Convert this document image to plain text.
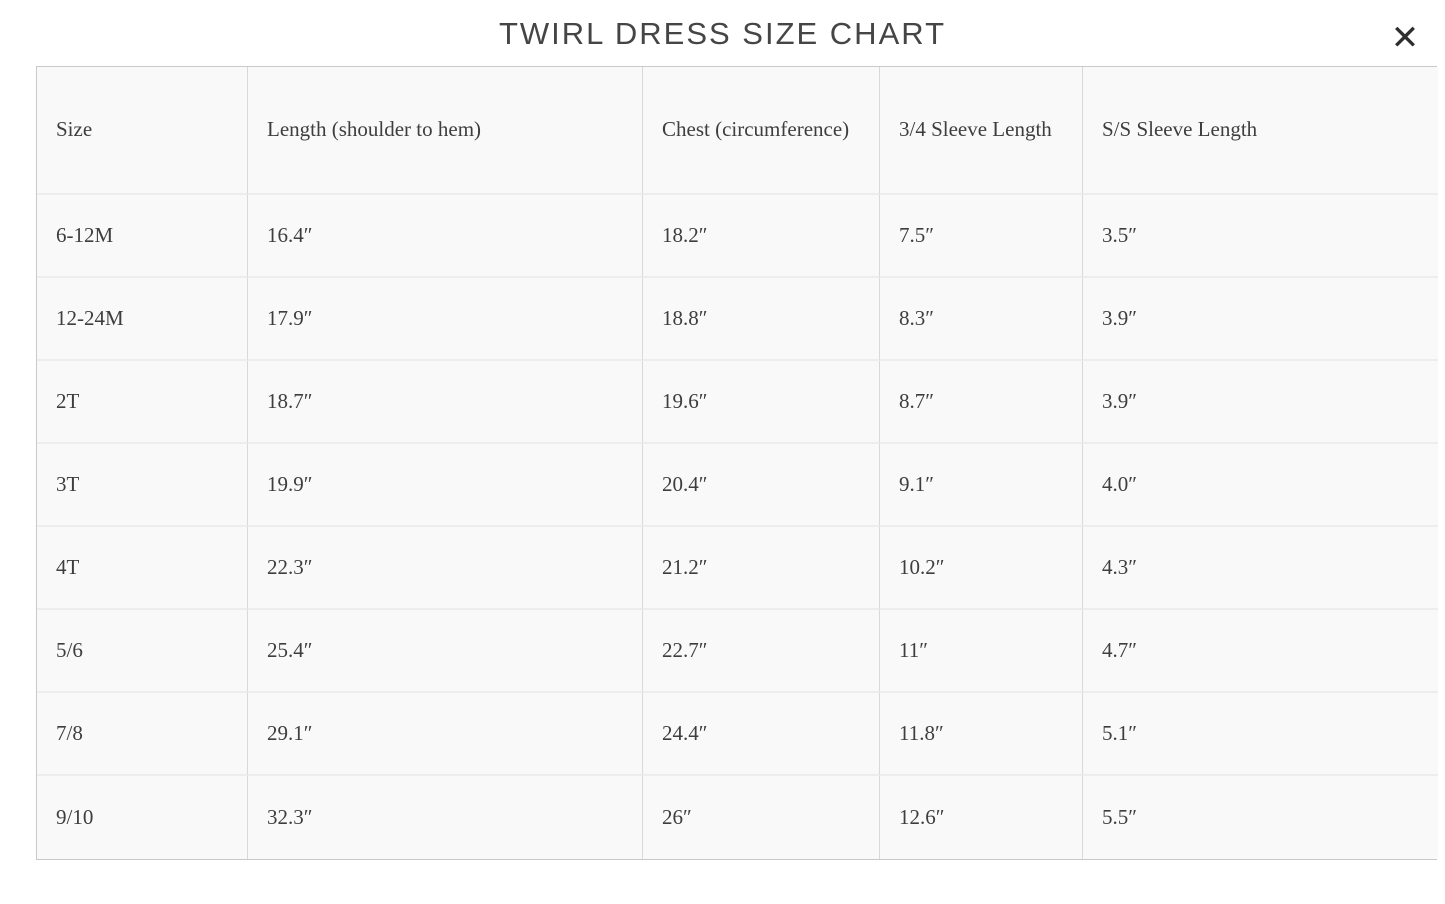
TWIRL DRESS SIZE CHART	✕
Size	Length (shoulder to hem)	Chest (circumference)	3/4 Sleeve Length	S/S Sleeve Length
6-12M	16.4″	18.2″	7.5″	3.5″
12-24M	17.9″	18.8″	8.3″	3.9″
2T	18.7″	19.6″	8.7″	3.9″
3T	19.9″	20.4″	9.1″	4.0″
4T	22.3″	21.2″	10.2″	4.3″
5/6	25.4″	22.7″	11″	4.7″
7/8	29.1″	24.4″	11.8″	5.1″
9/10	32.3″	26″	12.6″	5.5″
